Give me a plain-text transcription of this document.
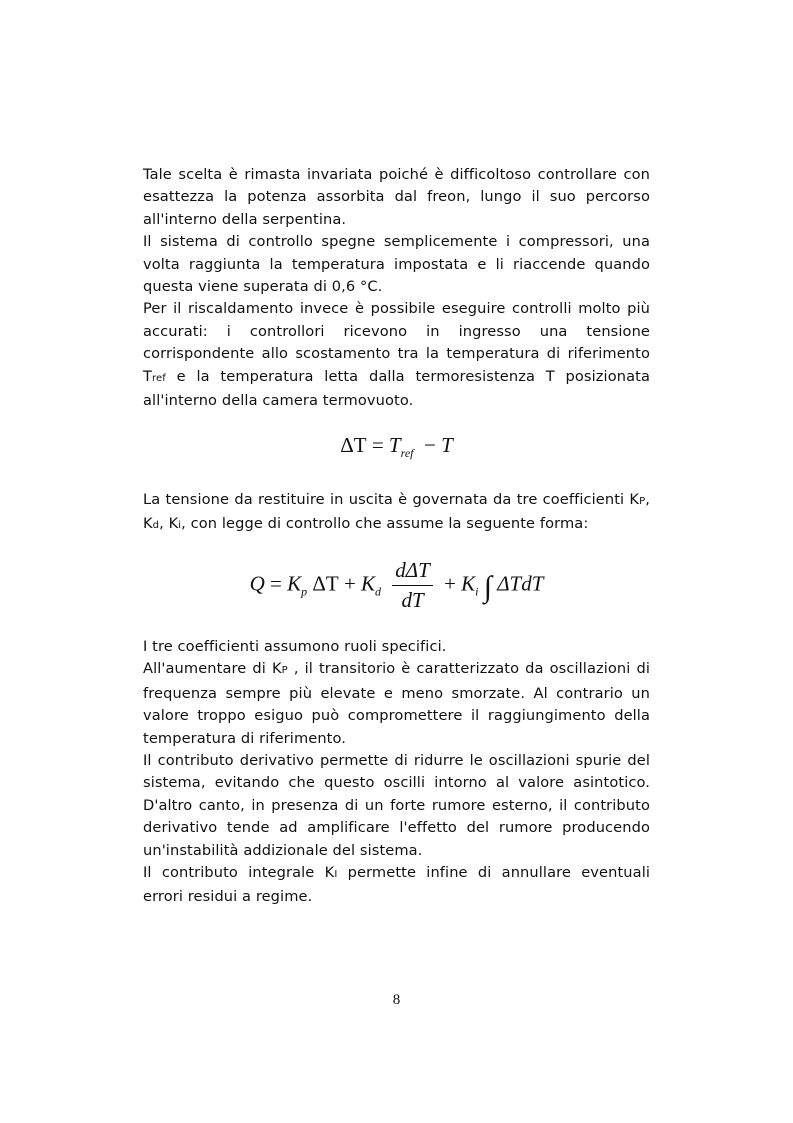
Tale scelta è rimasta invariata poiché è difficoltoso controllare con esattezza la potenza assorbita dal freon, lungo il suo percorso all'interno della serpentina.

Il sistema di controllo spegne semplicemente i compressori, una volta raggiunta la temperatura impostata e li riaccende quando questa viene superata di 0,6 °C.

Per il riscaldamento invece è possibile eseguire controlli molto più accurati: i controllori ricevono in ingresso una tensione corrispondente allo scostamento tra la temperatura di riferimento Tref e la temperatura letta dalla termoresistenza T posizionata all'interno della camera termovuoto.

$\Delta T = T_{ref} - T$

La tensione da restituire in uscita è governata da tre coefficienti KP, Kd, Ki, con legge di controllo che assume la seguente forma:

$Q = K_p$ $\Delta T + K_d \frac{\text{dΔT}}{dT} + K_i$ ∫ ΔTdT

I tre coefficienti assumono ruoli specifici.

All'aumentare di KP , il transitorio è caratterizzato da oscillazioni di frequenza sempre più elevate e meno smorzate. Al contrario un valore troppo esiguo può compromettere il raggiungimento della temperatura di riferimento.

Il contributo derivativo permette di ridurre le oscillazioni spurie del sistema, evitando che questo oscilli intorno al valore asintotico. D'altro canto, in presenza di un forte rumore esterno, il contributo derivativo tende ad amplificare l'effetto del rumore producendo un'instabilità addizionale del sistema.

Il contributo integrale KI permette infine di annullare eventuali errori residui a regime.

8
